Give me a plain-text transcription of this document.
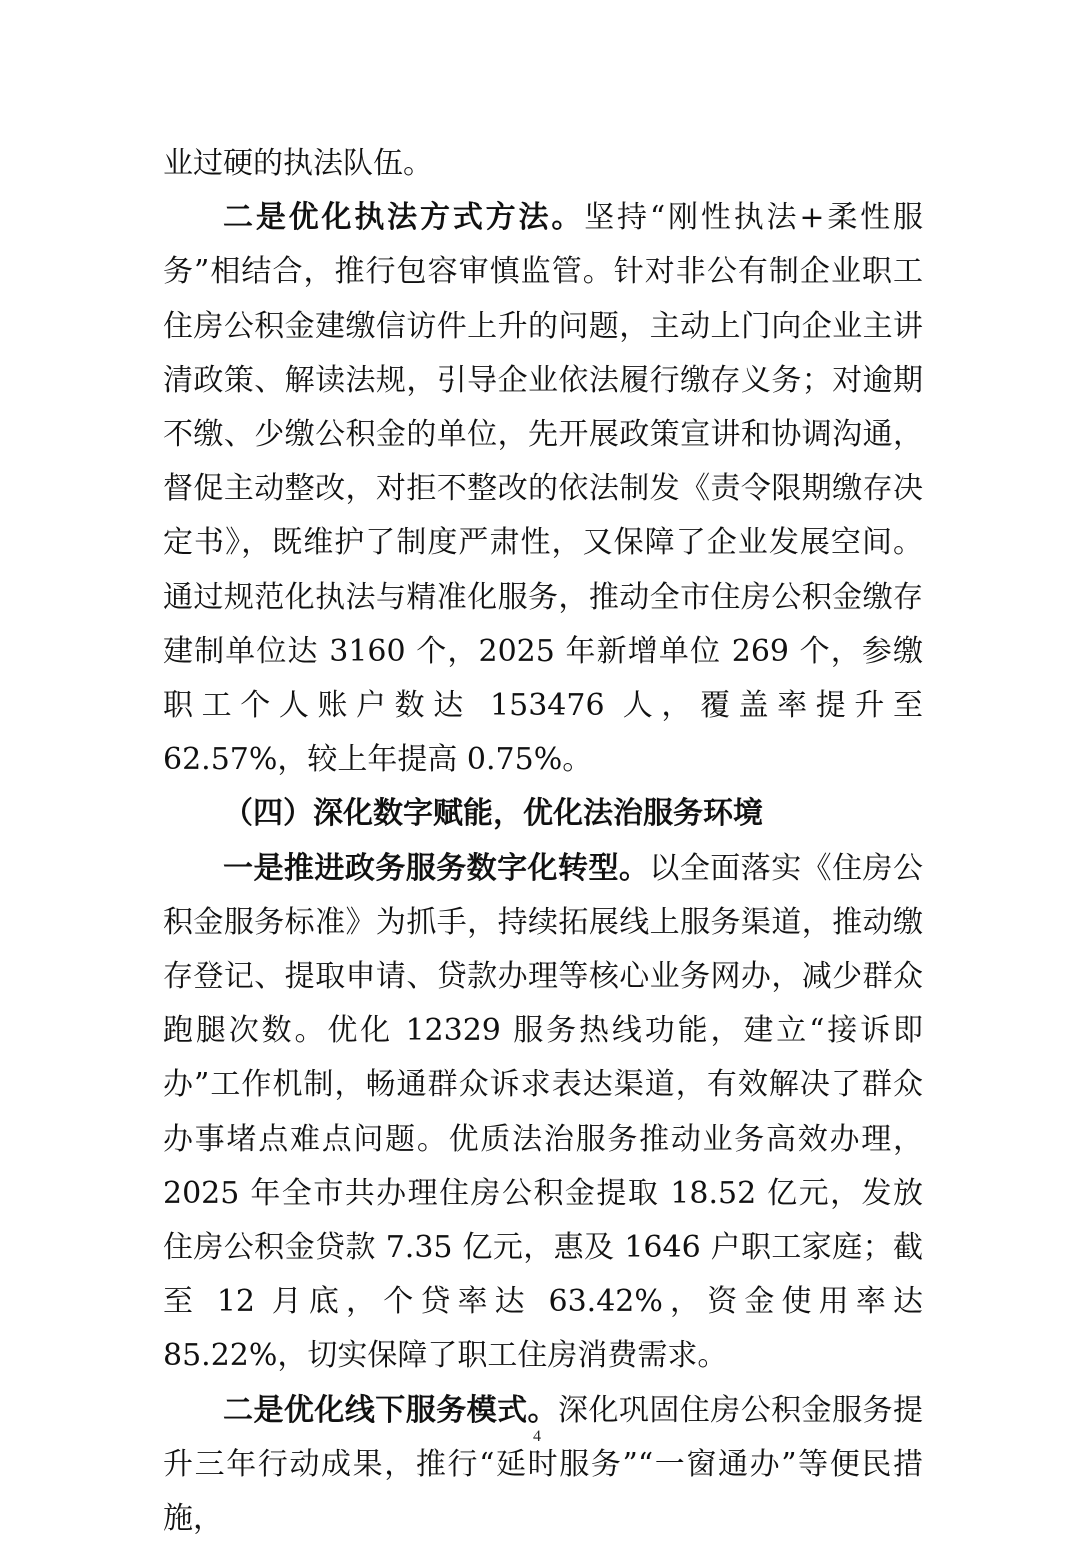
业过硬的执法队伍。

二是优化执法方式方法。坚持“刚性执法+柔性服务”相结合，推行包容审慎监管。针对非公有制企业职工住房公积金建缴信访件上升的问题，主动上门向企业主讲清政策、解读法规，引导企业依法履行缴存义务；对逾期不缴、少缴公积金的单位，先开展政策宣讲和协调沟通，督促主动整改，对拒不整改的依法制发《责令限期缴存决定书》，既维护了制度严肃性，又保障了企业发展空间。通过规范化执法与精准化服务，推动全市住房公积金缴存建制单位达 3160 个，2025 年新增单位 269 个，参缴职工个人账户数达 153476 人，覆盖率提升至 62.57%，较上年提高 0.75%。

（四）深化数字赋能，优化法治服务环境

一是推进政务服务数字化转型。以全面落实《住房公积金服务标准》为抓手，持续拓展线上服务渠道，推动缴存登记、提取申请、贷款办理等核心业务网办，减少群众跑腿次数。优化 12329 服务热线功能，建立“接诉即办”工作机制，畅通群众诉求表达渠道，有效解决了群众办事堵点难点问题。优质法治服务推动业务高效办理，2025 年全市共办理住房公积金提取 18.52 亿元，发放住房公积金贷款 7.35 亿元，惠及 1646 户职工家庭；截至 12 月底，个贷率达 63.42%，资金使用率达 85.22%，切实保障了职工住房消费需求。

二是优化线下服务模式。深化巩固住房公积金服务提升三年行动成果，推行“延时服务”“一窗通办”等便民措施，

4
